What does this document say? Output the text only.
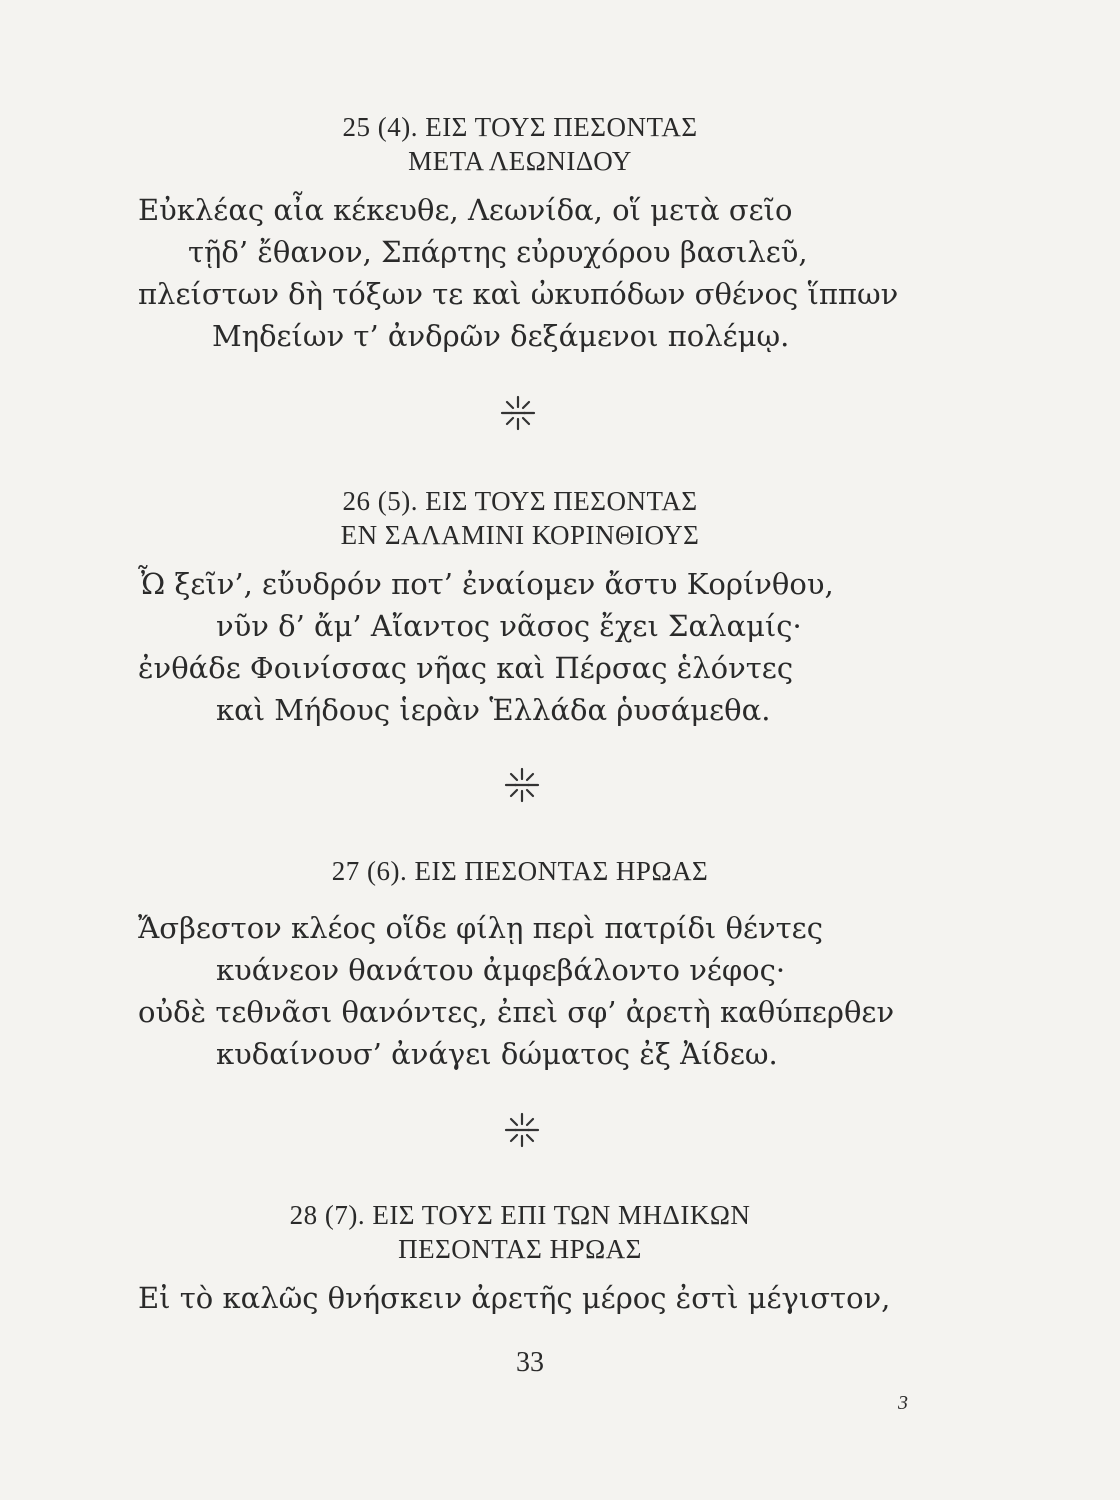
25 (4). ΕΙΣ ΤΟΥΣ ΠΕΣΟΝΤΑΣ
ΜΕΤΑ ΛΕΩΝΙΔΟΥ
Εὐκλέας αἶα κέκευθε, Λεωνίδα, οἵ μετὰ σεῖο
τῇδ’ ἔθανον, Σπάρτης εὐρυχόρου βασιλεῦ,
πλείστων δὴ τόξων τε καὶ ὠκυπόδων σθένος ἵππων
Μηδείων τ’ ἀνδρῶν δεξάμενοι πολέμῳ.
26 (5). ΕΙΣ ΤΟΥΣ ΠΕΣΟΝΤΑΣ
ΕΝ ΣΑΛΑΜΙΝΙ ΚΟΡΙΝΘΙΟΥΣ
Ὦ ξεῖν’, εὔυδρόν ποτ’ ἐναίομεν ἄστυ Κορίνθου,
νῦν δ’ ἄμ’ Αἴαντος νᾶσος ἔχει Σαλαμίς·
ἐνθάδε Φοινίσσας νῆας καὶ Πέρσας ἑλόντες
καὶ Μήδους ἱερὰν Ἑλλάδα ῥυσάμεθα.
27 (6). ΕΙΣ ΠΕΣΟΝΤΑΣ ΗΡΩΑΣ
Ἄσβεστον κλέος οἵδε φίλῃ περὶ πατρίδι θέντες
κυάνεον θανάτου ἀμφεβάλοντο νέφος·
οὐδὲ τεθνᾶσι θανόντες, ἐπεὶ σφ’ ἀρετὴ καθύπερθεν
κυδαίνουσ’ ἀνάγει δώματος ἐξ Ἀίδεω.
28 (7). ΕΙΣ ΤΟΥΣ ΕΠΙ ΤΩΝ ΜΗΔΙΚΩΝ
ΠΕΣΟΝΤΑΣ ΗΡΩΑΣ
Εἰ τὸ καλῶς θνήσκειν ἀρετῆς μέρος ἐστὶ μέγιστον,
33
3
